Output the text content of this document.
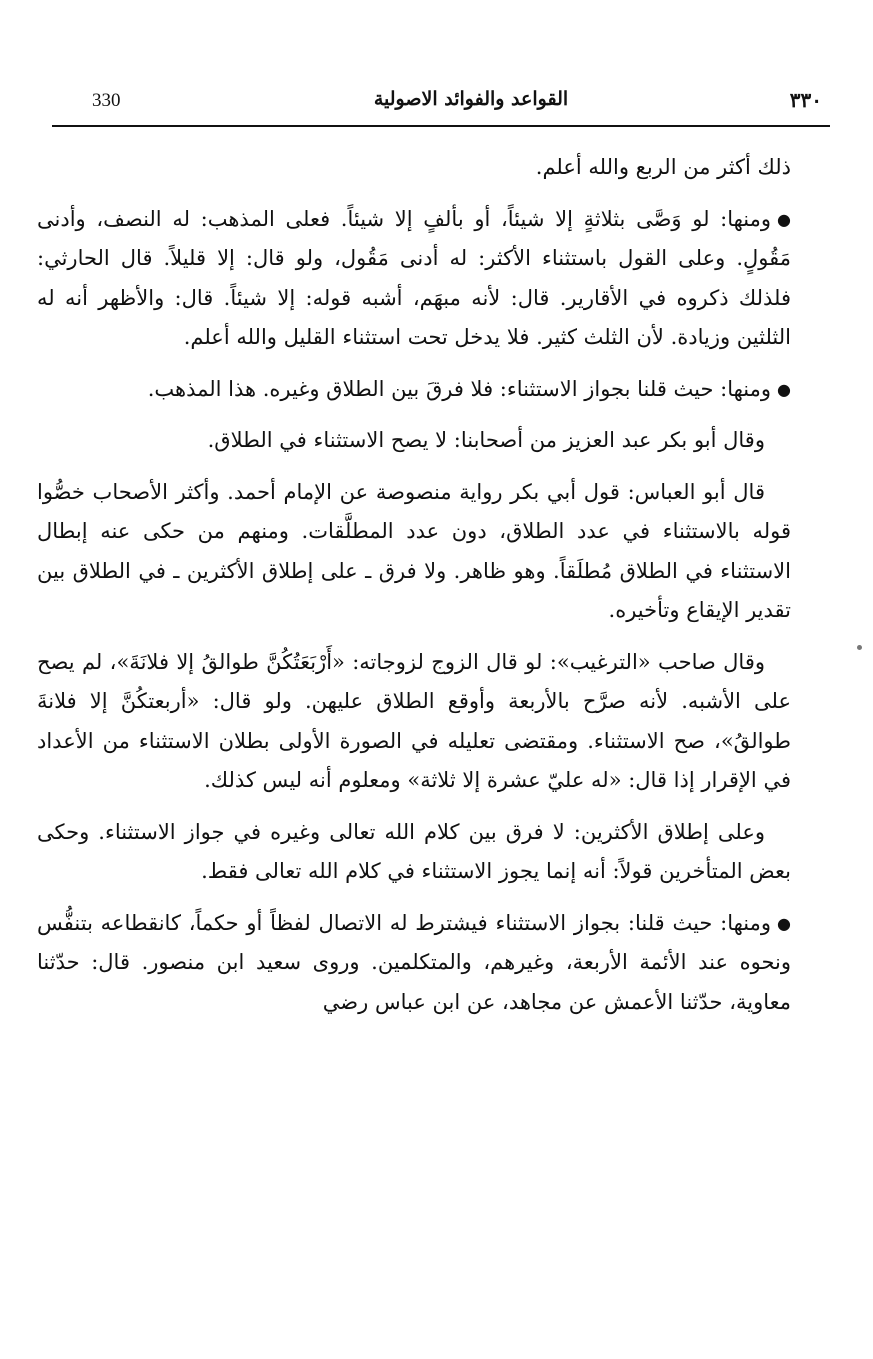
330	القواعد والفوائد الاصولية	٣٣٠

ذلك أكثر من الربع والله أعلم.

●ومنها: لو وَصَّى بثلاثةٍ إلا شيئاً، أو بألفٍ إلا شيئاً. فعلى المذهب: له النصف، وأدنى مَقُولٍ. وعلى القول باستثناء الأكثر: له أدنى مَقُول، ولو قال: إلا قليلاً. قال الحارثي: فلذلك ذكروه في الأقارير. قال: لأنه مبهَم، أشبه قوله: إلا شيئاً. قال: والأظهر أنه له الثلثين وزيادة. لأن الثلث كثير. فلا يدخل تحت استثناء القليل والله أعلم.

●ومنها: حيث قلنا بجواز الاستثناء: فلا فرقَ بين الطلاق وغيره. هذا المذهب.

وقال أبو بكر عبد العزيز من أصحابنا: لا يصح الاستثناء في الطلاق.

قال أبو العباس: قول أبي بكر رواية منصوصة عن الإمام أحمد. وأكثر الأصحاب خصُّوا قوله بالاستثناء في عدد الطلاق، دون عدد المطلَّقات. ومنهم من حكى عنه إبطال الاستثناء في الطلاق مُطلَقاً. وهو ظاهر. ولا فرق ـ على إطلاق الأكثرين ـ في الطلاق بين تقدير الإيقاع وتأخيره.

وقال صاحب «الترغيب»: لو قال الزوج لزوجاته: «أَرْبَعَتُكُنَّ طوالقُ إلا فلانَةَ»، لم يصح على الأشبه. لأنه صرَّح بالأربعة وأوقع الطلاق عليهن. ولو قال: «أربعتكُنَّ إلا فلانةَ طوالقُ»، صح الاستثناء. ومقتضى تعليله في الصورة الأولى بطلان الاستثناء من الأعداد في الإقرار إذا قال: «له عليّ عشرة إلا ثلاثة» ومعلوم أنه ليس كذلك.

وعلى إطلاق الأكثرين: لا فرق بين كلام الله تعالى وغيره في جواز الاستثناء. وحكى بعض المتأخرين قولاً: أنه إنما يجوز الاستثناء في كلام الله تعالى فقط.

●ومنها: حيث قلنا: بجواز الاستثناء فيشترط له الاتصال لفظاً أو حكماً، كانقطاعه بتنفُّس ونحوه عند الأئمة الأربعة، وغيرهم، والمتكلمين. وروى سعيد ابن منصور. قال: حدّثنا معاوية، حدّثنا الأعمش عن مجاهد، عن ابن عباس رضي
